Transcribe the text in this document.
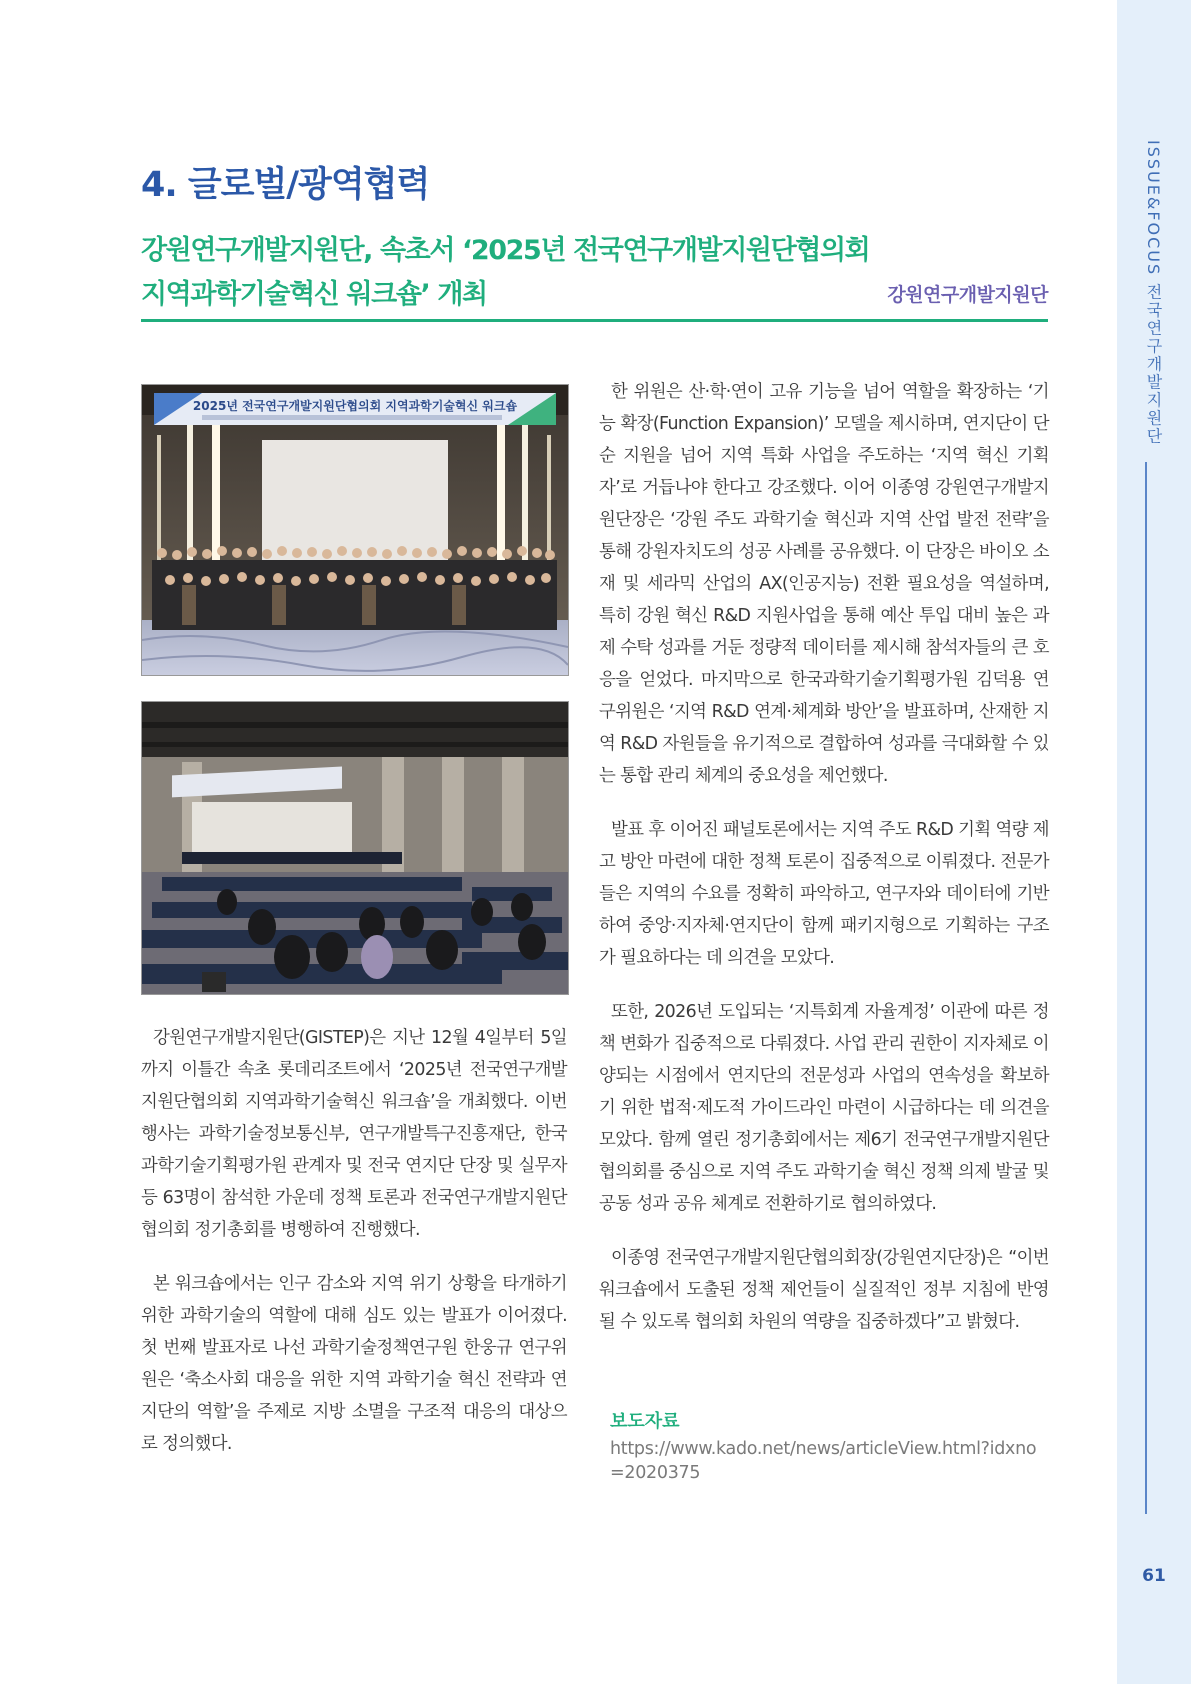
ISSUE&FOCUS 전국연구개발지원단
61
4. 글로벌/광역협력
강원연구개발지원단, 속초서 ‘2025년 전국연구개발지원단협의회
지역과학기술혁신 워크숍’ 개최	강원연구개발지원단
2025년 전국연구개발지원단협의회 지역과학기술혁신 워크숍

강원연구개발지원단(GISTEP)은 지난 12월 4일부터 5일까지 이틀간 속초 롯데리조트에서 ‘2025년 전국연구개발지원단협의회 지역과학기술혁신 워크숍’을 개최했다. 이번 행사는 과학기술정보통신부, 연구개발특구진흥재단, 한국과학기술기획평가원 관계자 및 전국 연지단 단장 및 실무자 등 63명이 참석한 가운데 정책 토론과 전국연구개발지원단협의회 정기총회를 병행하여 진행했다.

본 워크숍에서는 인구 감소와 지역 위기 상황을 타개하기 위한 과학기술의 역할에 대해 심도 있는 발표가 이어졌다. 첫 번째 발표자로 나선 과학기술정책연구원 한웅규 연구위원은 ‘축소사회 대응을 위한 지역 과학기술 혁신 전략과 연지단의 역할’을 주제로 지방 소멸을 구조적 대응의 대상으로 정의했다.

한 위원은 산·학·연이 고유 기능을 넘어 역할을 확장하는 ‘기능 확장(Function Expansion)’ 모델을 제시하며, 연지단이 단순 지원을 넘어 지역 특화 사업을 주도하는 ‘지역 혁신 기획자’로 거듭나야 한다고 강조했다. 이어 이종영 강원연구개발지원단장은 ‘강원 주도 과학기술 혁신과 지역 산업 발전 전략’을 통해 강원자치도의 성공 사례를 공유했다. 이 단장은 바이오 소재 및 세라믹 산업의 AX(인공지능) 전환 필요성을 역설하며, 특히 강원 혁신 R&D 지원사업을 통해 예산 투입 대비 높은 과제 수탁 성과를 거둔 정량적 데이터를 제시해 참석자들의 큰 호응을 얻었다. 마지막으로 한국과학기술기획평가원 김덕용 연구위원은 ‘지역 R&D 연계·체계화 방안’을 발표하며, 산재한 지역 R&D 자원들을 유기적으로 결합하여 성과를 극대화할 수 있는 통합 관리 체계의 중요성을 제언했다.

발표 후 이어진 패널토론에서는 지역 주도 R&D 기획 역량 제고 방안 마련에 대한 정책 토론이 집중적으로 이뤄졌다. 전문가들은 지역의 수요를 정확히 파악하고, 연구자와 데이터에 기반하여 중앙·지자체·연지단이 함께 패키지형으로 기획하는 구조가 필요하다는 데 의견을 모았다.

또한, 2026년 도입되는 ‘지특회계 자율계정’ 이관에 따른 정책 변화가 집중적으로 다뤄졌다. 사업 관리 권한이 지자체로 이양되는 시점에서 연지단의 전문성과 사업의 연속성을 확보하기 위한 법적·제도적 가이드라인 마련이 시급하다는 데 의견을 모았다. 함께 열린 정기총회에서는 제6기 전국연구개발지원단협의회를 중심으로 지역 주도 과학기술 혁신 정책 의제 발굴 및 공동 성과 공유 체계로 전환하기로 협의하였다.

이종영 전국연구개발지원단협의회장(강원연지단장)은 “이번 워크숍에서 도출된 정책 제언들이 실질적인 정부 지침에 반영될 수 있도록 협의회 차원의 역량을 집중하겠다”고 밝혔다.

보도자료
https://www.kado.net/news/articleView.html?idxno=2020375
